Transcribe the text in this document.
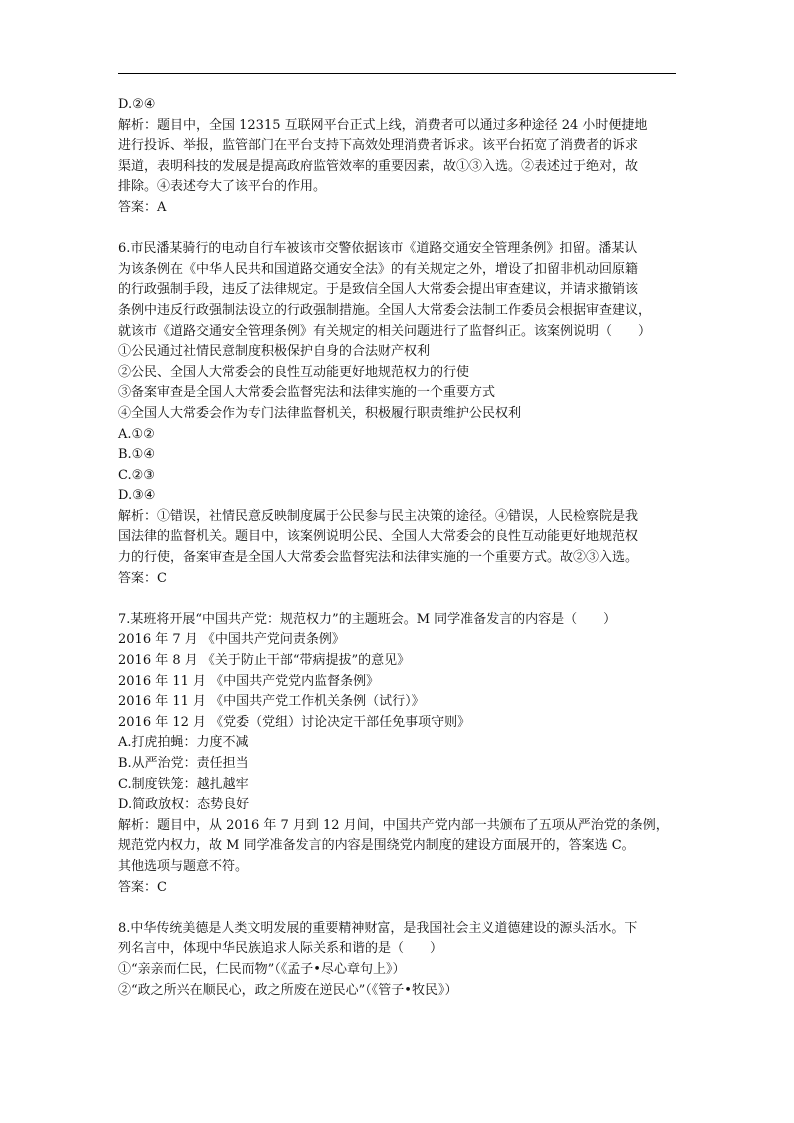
D.②④
解析：题目中，全国 12315 互联网平台正式上线，消费者可以通过多种途径 24 小时便捷地
进行投诉、举报，监管部门在平台支持下高效处理消费者诉求。该平台拓宽了消费者的诉求
渠道，表明科技的发展是提高政府监管效率的重要因素，故①③入选。②表述过于绝对，故
排除。④表述夸大了该平台的作用。
答案：A
6.市民潘某骑行的电动自行车被该市交警依据该市《道路交通安全管理条例》扣留。潘某认
为该条例在《中华人民共和国道路交通安全法》的有关规定之外，增设了扣留非机动回原籍
的行政强制手段，违反了法律规定。于是致信全国人大常委会提出审查建议，并请求撤销该
条例中违反行政强制法设立的行政强制措施。全国人大常委会法制工作委员会根据审查建议，
就该市《道路交通安全管理条例》有关规定的相关问题进行了监督纠正。该案例说明（　　）
①公民通过社情民意制度积极保护自身的合法财产权利
②公民、全国人大常委会的良性互动能更好地规范权力的行使
③备案审查是全国人大常委会监督宪法和法律实施的一个重要方式
④全国人大常委会作为专门法律监督机关，积极履行职责维护公民权利
A.①②
B.①④
C.②③
D.③④
解析：①错误，社情民意反映制度属于公民参与民主决策的途径。④错误，人民检察院是我
国法律的监督机关。题目中，该案例说明公民、全国人大常委会的良性互动能更好地规范权
力的行使，备案审查是全国人大常委会监督宪法和法律实施的一个重要方式。故②③入选。
答案：C
7.某班将开展“中国共产党：规范权力”的主题班会。M 同学准备发言的内容是（　　）
2016 年 7 月 《中国共产党问责条例》
2016 年 8 月 《关于防止干部“带病提拔”的意见》
2016 年 11 月 《中国共产党党内监督条例》
2016 年 11 月 《中国共产党工作机关条例（试行）》
2016 年 12 月 《党委（党组）讨论决定干部任免事项守则》
A.打虎拍蝇：力度不减
B.从严治党：责任担当
C.制度铁笼：越扎越牢
D.简政放权：态势良好
解析：题目中，从 2016 年 7 月到 12 月间，中国共产党内部一共颁布了五项从严治党的条例，
规范党内权力，故 M 同学准备发言的内容是围绕党内制度的建设方面展开的，答案选 C。
其他选项与题意不符。
答案：C
8.中华传统美德是人类文明发展的重要精神财富，是我国社会主义道德建设的源头活水。下
列名言中，体现中华民族追求人际关系和谐的是（　　）
①“亲亲而仁民，仁民而物”（《孟子•尽心章句上》）
②“政之所兴在顺民心，政之所废在逆民心”（《管子•牧民》）
